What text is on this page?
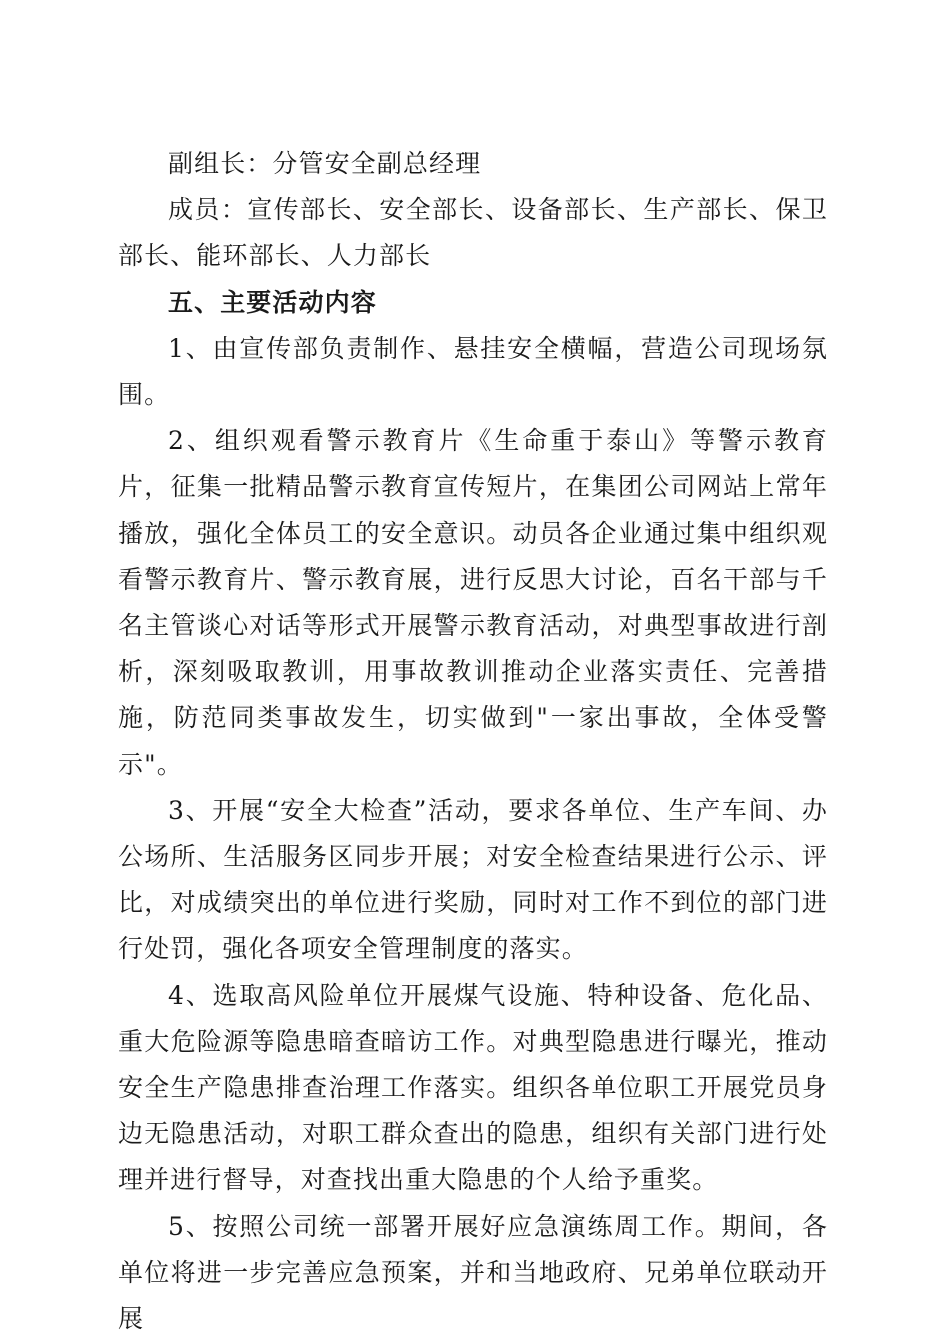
副组长：分管安全副总经理

成员：宣传部长、安全部长、设备部长、生产部长、保卫部长、能环部长、人力部长

五、主要活动内容

1、由宣传部负责制作、悬挂安全横幅，营造公司现场氛围。

2、组织观看警示教育片《生命重于泰山》等警示教育片，征集一批精品警示教育宣传短片，在集团公司网站上常年播放，强化全体员工的安全意识。动员各企业通过集中组织观看警示教育片、警示教育展，进行反思大讨论，百名干部与千名主管谈心对话等形式开展警示教育活动，对典型事故进行剖析，深刻吸取教训，用事故教训推动企业落实责任、完善措施，防范同类事故发生，切实做到"一家出事故，全体受警示"。

3、开展“安全大检查”活动，要求各单位、生产车间、办公场所、生活服务区同步开展；对安全检查结果进行公示、评比，对成绩突出的单位进行奖励，同时对工作不到位的部门进行处罚，强化各项安全管理制度的落实。

4、选取高风险单位开展煤气设施、特种设备、危化品、重大危险源等隐患暗查暗访工作。对典型隐患进行曝光，推动安全生产隐患排查治理工作落实。组织各单位职工开展党员身边无隐患活动，对职工群众查出的隐患，组织有关部门进行处理并进行督导，对查找出重大隐患的个人给予重奖。

5、按照公司统一部署开展好应急演练周工作。期间，各单位将进一步完善应急预案，并和当地政府、兄弟单位联动开展
